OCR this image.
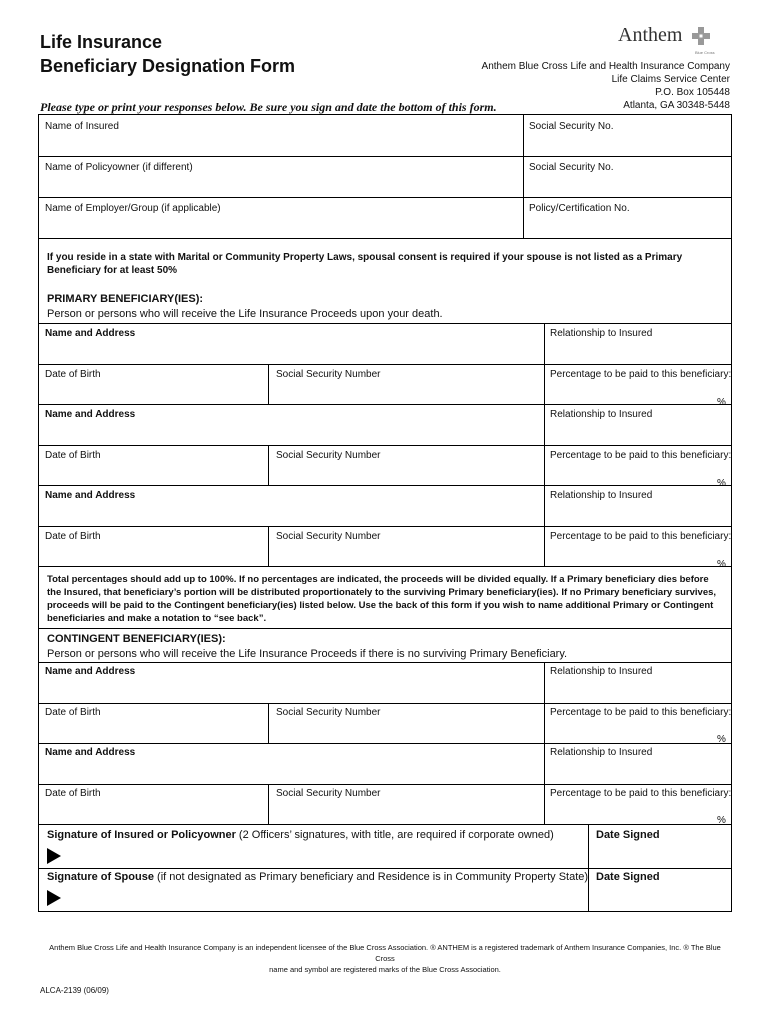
Life Insurance
Beneficiary Designation Form
Anthem
Blue Cross
Anthem Blue Cross Life and Health Insurance Company
Life Claims Service Center
P.O. Box 105448
Atlanta, GA 30348-5448
Please type or print your responses below. Be sure you sign and date the bottom of this form.
Name of Insured	Social Security No.
Name of Policyowner (if different)	Social Security No.
Name of Employer/Group (if applicable)	Policy/Certification No.
If you reside in a state with Marital or Community Property Laws, spousal consent is required if your spouse is not listed as a Primary Beneficiary for at least 50%
PRIMARY BENEFICIARY(IES):
Person or persons who will receive the Life Insurance Proceeds upon your death.
Name and Address	Relationship to Insured
Date of Birth	Social Security Number	Percentage to be paid to this beneficiary:
%
Name and Address	Relationship to Insured
Date of Birth	Social Security Number	Percentage to be paid to this beneficiary:
%
Name and Address	Relationship to Insured
Date of Birth	Social Security Number	Percentage to be paid to this beneficiary:
%
Total percentages should add up to 100%. If no percentages are indicated, the proceeds will be divided equally. If a Primary beneficiary dies before the Insured, that beneficiary’s portion will be distributed proportionately to the surviving Primary beneficiary(ies). If no Primary beneficiary survives, proceeds will be paid to the Contingent beneficiary(ies) listed below. Use the back of this form if you wish to name additional Primary or Contingent beneficiaries and make a notation to “see back”.
CONTINGENT BENEFICIARY(IES):
Person or persons who will receive the Life Insurance Proceeds if there is no surviving Primary Beneficiary.
Name and Address	Relationship to Insured
Date of Birth	Social Security Number	Percentage to be paid to this beneficiary:
%
Name and Address	Relationship to Insured
Date of Birth	Social Security Number	Percentage to be paid to this beneficiary:
%
Signature of Insured or Policyowner (2 Officers’ signatures, with title, are required if corporate owned)	Date Signed
Signature of Spouse (if not designated as Primary beneficiary and Residence is in Community Property State) Date Signed
Anthem Blue Cross Life and Health Insurance Company is an independent licensee of the Blue Cross Association. ® ANTHEM is a registered trademark of Anthem Insurance Companies, Inc. ® The Blue Cross
name and symbol are registered marks of the Blue Cross Association.
ALCA-2139 (06/09)
